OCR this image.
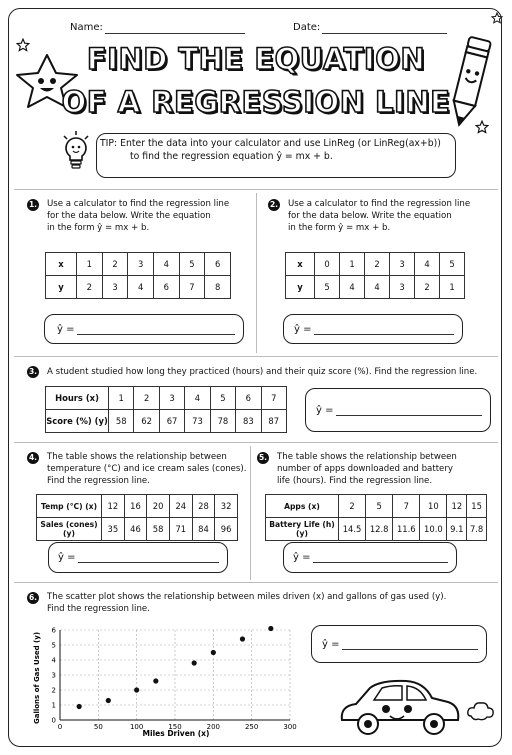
Name:	Date:
FIND THE EQUATION
OF A REGRESSION LINE
TIP: Enter the data into your calculator and use LinReg (or LinReg(ax+b))
to find the regression equation ŷ = mx + b.
1. Use a calculator to find the regression line
for the data below. Write the equation
in the form ŷ = mx + b.
x	1	2	3	4	5	6
y	2	3	4	6	7	8
ŷ =
2. Use a calculator to find the regression line
for the data below. Write the equation
in the form ŷ = mx + b.
x	0	1	2	3	4	5
y	5	4	4	3	2	1
ŷ =
3. A student studied how long they practiced (hours) and their quiz score (%). Find the regression line.
Hours (x)	1	2	3	4	5	6	7
Score (%) (y)	58	62	67	73	78	83	87
ŷ =
4. The table shows the relationship between
temperature (°C) and ice cream sales (cones).
Find the regression line.
Temp (°C) (x)	12	16	20	24	28	32
Sales (cones) (y)	35	46	58	71	84	96
ŷ =
5. The table shows the relationship between
number of apps downloaded and battery
life (hours). Find the regression line.
Apps (x)	2	5	7	10	12	15
Battery Life (h) (y)	14.5	12.8	11.6	10.0	9.1	7.8
ŷ =
6. The scatter plot shows the relationship between miles driven (x) and gallons of gas used (y).
Find the regression line.
0	50	100	150	200	250	300
0
1
2
3
4
5
6
Miles Driven (x)
Gallons of Gas Used (y)	ŷ =
